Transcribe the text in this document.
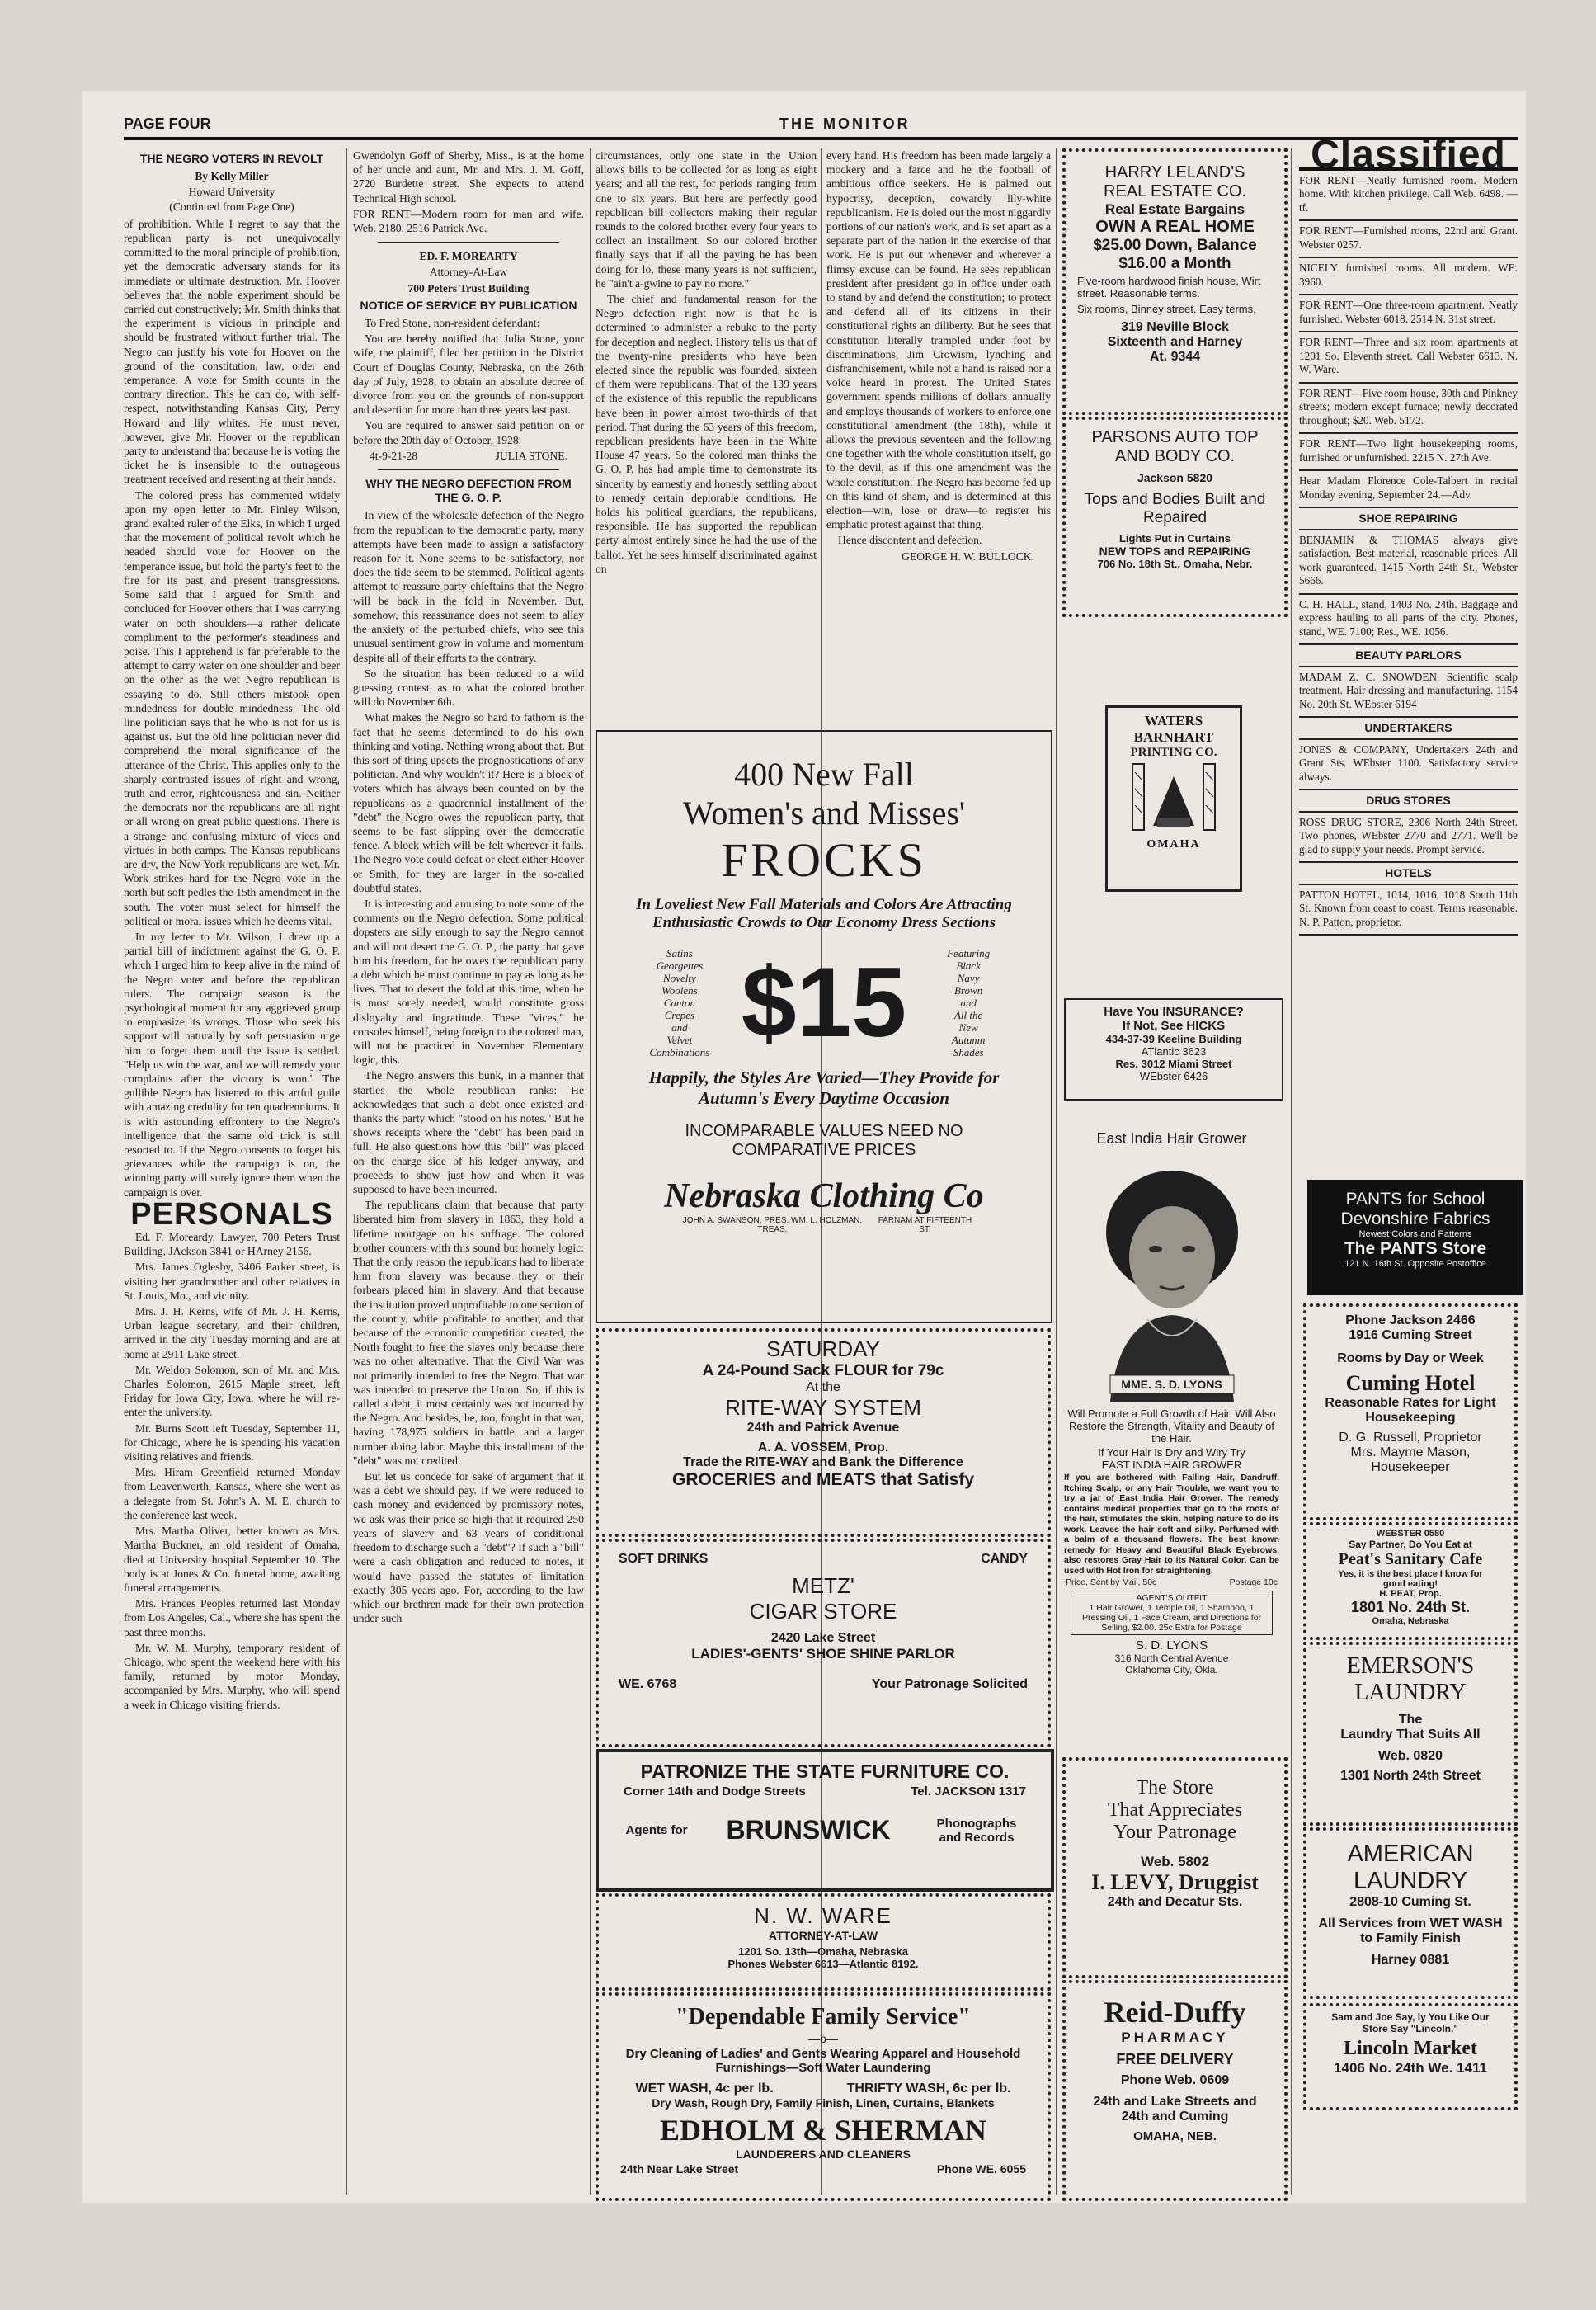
PAGE FOUR	THE MONITOR
THE NEGRO VOTERS IN REVOLT
By Kelly Miller
Howard University
(Continued from Page One)

of prohibition. While I regret to say that the republican party is not unequivocally committed to the moral principle of prohibition, yet the democratic adversary stands for its immediate or ultimate destruction. Mr. Hoover believes that the noble experiment should be carried out constructively; Mr. Smith thinks that the experiment is vicious in principle and should be frustrated without further trial. The Negro can justify his vote for Hoover on the ground of the constitution, law, order and temperance. A vote for Smith counts in the contrary direction. This he can do, with self-respect, notwithstanding Kansas City, Perry Howard and lily whites. He must never, however, give Mr. Hoover or the republican party to understand that because he is voting the ticket he is insensible to the outrageous treatment received and resenting at their hands.

The colored press has commented widely upon my open letter to Mr. Finley Wilson, grand exalted ruler of the Elks, in which I urged that the movement of political revolt which he headed should vote for Hoover on the temperance issue, but hold the party's feet to the fire for its past and present transgressions. Some said that I argued for Smith and concluded for Hoover others that I was carrying water on both shoulders—a rather delicate compliment to the performer's steadiness and poise. This I apprehend is far preferable to the attempt to carry water on one shoulder and beer on the other as the wet Negro republican is essaying to do. Still others mistook open mindedness for double mindedness. The old line politician says that he who is not for us is against us. But the old line politician never did comprehend the moral significance of the utterance of the Christ. This applies only to the sharply contrasted issues of right and wrong, truth and error, righteousness and sin. Neither the democrats nor the republicans are all right or all wrong on great public questions. There is a strange and confusing mixture of vices and virtues in both camps. The Kansas republicans are dry, the New York republicans are wet. Mr. Work strikes hard for the Negro vote in the north but soft pedles the 15th amendment in the south. The voter must select for himself the political or moral issues which he deems vital.

In my letter to Mr. Wilson, I drew up a partial bill of indictment against the G. O. P. which I urged him to keep alive in the mind of the Negro voter and before the republican rulers. The campaign season is the psychological moment for any aggrieved group to emphasize its wrongs. Those who seek his support will naturally by soft persuasion urge him to forget them until the issue is settled. "Help us win the war, and we will remedy your complaints after the victory is won." The gullible Negro has listened to this artful guile with amazing credulity for ten quadrenniums. It is with astounding effrontery to the Negro's intelligence that the same old trick is still resorted to. If the Negro consents to forget his grievances while the campaign is on, the winning party will surely ignore them when the campaign is over.

PERSONALS

Ed. F. Moreardy, Lawyer, 700 Peters Trust Building, JAckson 3841 or HArney 2156.

Mrs. James Oglesby, 3406 Parker street, is visiting her grandmother and other relatives in St. Louis, Mo., and vicinity.

Mrs. J. H. Kerns, wife of Mr. J. H. Kerns, Urban league secretary, and their children, arrived in the city Tuesday morning and are at home at 2911 Lake street.

Mr. Weldon Solomon, son of Mr. and Mrs. Charles Solomon, 2615 Maple street, left Friday for Iowa City, Iowa, where he will re-enter the university.

Mr. Burns Scott left Tuesday, September 11, for Chicago, where he is spending his vacation visiting relatives and friends.

Mrs. Hiram Greenfield returned Monday from Leavenworth, Kansas, where she went as a delegate from St. John's A. M. E. church to the conference last week.

Mrs. Martha Oliver, better known as Mrs. Martha Buckner, an old resident of Omaha, died at University hospital September 10. The body is at Jones & Co. funeral home, awaiting funeral arrangements.

Mrs. Frances Peoples returned last Monday from Los Angeles, Cal., where she has spent the past three months.

Mr. W. M. Murphy, temporary resident of Chicago, who spent the weekend here with his family, returned by motor Monday, accompanied by Mrs. Murphy, who will spend a week in Chicago visiting friends.

Gwendolyn Goff of Sherby, Miss., is at the home of her uncle and aunt, Mr. and Mrs. J. M. Goff, 2720 Burdette street. She expects to attend Technical High school.

FOR RENT—Modern room for man and wife. Web. 2180. 2516 Patrick Ave.

ED. F. MOREARTY
Attorney-At-Law
700 Peters Trust Building
NOTICE OF SERVICE BY PUBLICATION

To Fred Stone, non-resident defendant:

You are hereby notified that Julia Stone, your wife, the plaintiff, filed her petition in the District Court of Douglas County, Nebraska, on the 26th day of July, 1928, to obtain an absolute decree of divorce from you on the grounds of non-support and desertion for more than three years last past.

You are required to answer said petition on or before the 20th day of October, 1928.

4t-9-21-28	JULIA STONE.
WHY THE NEGRO DEFECTION FROM THE G. O. P.

In view of the wholesale defection of the Negro from the republican to the democratic party, many attempts have been made to assign a satisfactory reason for it. None seems to be satisfactory, nor does the tide seem to be stemmed. Political agents attempt to reassure party chieftains that the Negro will be back in the fold in November. But, somehow, this reassurance does not seem to allay the anxiety of the perturbed chiefs, who see this unusual sentiment grow in volume and momentum despite all of their efforts to the contrary.

So the situation has been reduced to a wild guessing contest, as to what the colored brother will do November 6th.

What makes the Negro so hard to fathom is the fact that he seems determined to do his own thinking and voting. Nothing wrong about that. But this sort of thing upsets the prognostications of any politician. And why wouldn't it? Here is a block of voters which has always been counted on by the republicans as a quadrennial installment of the "debt" the Negro owes the republican party, that seems to be fast slipping over the democratic fence. A block which will be felt wherever it falls. The Negro vote could defeat or elect either Hoover or Smith, for they are larger in the so-called doubtful states.

It is interesting and amusing to note some of the comments on the Negro defection. Some political dopsters are silly enough to say the Negro cannot and will not desert the G. O. P., the party that gave him his freedom, for he owes the republican party a debt which he must continue to pay as long as he lives. That to desert the fold at this time, when he is most sorely needed, would constitute gross disloyalty and ingratitude. These "vices," he consoles himself, being foreign to the colored man, will not be practiced in November. Elementary logic, this.

The Negro answers this bunk, in a manner that startles the whole republican ranks: He acknowledges that such a debt once existed and thanks the party which "stood on his notes." But he shows receipts where the "debt" has been paid in full. He also questions how this "bill" was placed on the charge side of his ledger anyway, and proceeds to show just how and when it was supposed to have been incurred.

The republicans claim that because that party liberated him from slavery in 1863, they hold a lifetime mortgage on his suffrage. The colored brother counters with this sound but homely logic: That the only reason the republicans had to liberate him from slavery was because they or their forbears placed him in slavery. And that because the institution proved unprofitable to one section of the country, while profitable to another, and that because of the economic competition created, the North fought to free the slaves only because there was no other alternative. That the Civil War was not primarily intended to free the Negro. That war was intended to preserve the Union. So, if this is called a debt, it most certainly was not incurred by the Negro. And besides, he, too, fought in that war, having 178,975 soldiers in battle, and a larger number doing labor. Maybe this installment of the "debt" was not credited.

But let us concede for sake of argument that it was a debt we should pay. If we were reduced to cash money and evidenced by promissory notes, we ask was their price so high that it required 250 years of slavery and 63 years of conditional freedom to discharge such a "debt"? If such a "bill" were a cash obligation and reduced to notes, it would have passed the statutes of limitation exactly 305 years ago. For, according to the law which our brethren made for their own protection under such

circumstances, only one state in the Union allows bills to be collected for as long as eight years; and all the rest, for periods ranging from one to six years. But here are perfectly good republican bill collectors making their regular rounds to the colored brother every four years to collect an installment. So our colored brother finally says that if all the paying he has been doing for lo, these many years is not sufficient, he "ain't a-gwine to pay no more."

The chief and fundamental reason for the Negro defection right now is that he is determined to administer a rebuke to the party for deception and neglect. History tells us that of the twenty-nine presidents who have been elected since the republic was founded, sixteen of them were republicans. That of the 139 years of the existence of this republic the republicans have been in power almost two-thirds of that period. That during the 63 years of this freedom, republican presidents have been in the White House 47 years. So the colored man thinks the G. O. P. has had ample time to demonstrate its sincerity by earnestly and honestly settling about to remedy certain deplorable conditions. He holds his political guardians, the republicans, responsible. He has supported the republican party almost entirely since he had the use of the ballot. Yet he sees himself discriminated against on

every hand. His freedom has been made largely a mockery and a farce and he the football of ambitious office seekers. He is palmed out hypocrisy, deception, cowardly lily-white republicanism. He is doled out the most niggardly portions of our nation's work, and is set apart as a separate part of the nation in the exercise of that work. He is put out whenever and wherever a flimsy excuse can be found. He sees republican president after president go in office under oath to stand by and defend the constitution; to protect and defend all of its citizens in their constitutional rights an diliberty. But he sees that constitution literally trampled under foot by discriminations, Jim Crowism, lynching and disfranchisement, while not a hand is raised nor a voice heard in protest. The United States government spends millions of dollars annually and employs thousands of workers to enforce one constitutional amendment (the 18th), while it allows the previous seventeen and the following one together with the whole constitution itself, go to the devil, as if this one amendment was the whole constitution. The Negro has become fed up on this kind of sham, and is determined at this election—win, lose or draw—to register his emphatic protest against that thing.

Hence discontent and defection.

GEORGE H. W. BULLOCK.
400 New Fall
Women's and Misses'
FROCKS
In Loveliest New Fall Materials and Colors Are Attracting Enthusiastic Crowds to Our Economy Dress Sections
Satins
Georgettes
Novelty
Woolens
Canton
Crepes
and
Velvet
Combinations $15	Featuring
Black
Navy
Brown
and
All the
New
Autumn
Shades
Happily, the Styles Are Varied—They Provide for Autumn's Every Daytime Occasion
INCOMPARABLE VALUES NEED NO COMPARATIVE PRICES
Nebraska Clothing Co
JOHN A. SWANSON, PRES. WM. L. HOLZMAN, TREAS.
FARNAM AT FIFTEENTH ST.
SATURDAY
A 24-Pound Sack FLOUR for 79c
At the
RITE-WAY SYSTEM
24th and Patrick Avenue
A. A. VOSSEM, Prop.
Trade the RITE-WAY and Bank the Difference
GROCERIES and MEATS that Satisfy
SOFT DRINKS	CANDY
METZ'
CIGAR STORE
2420 Lake Street
LADIES'-GENTS' SHOE SHINE PARLOR
WE. 6768	Your Patronage Solicited
PATRONIZE THE STATE FURNITURE CO.
Corner 14th and Dodge Streets	Tel. JACKSON 1317
Agents for BRUNSWICK	Phonographs and Records
N. W. WARE
ATTORNEY-AT-LAW
1201 So. 13th—Omaha, Nebraska
Phones Webster 6613—Atlantic 8192.
"Dependable Family Service"
—o—
Dry Cleaning of Ladies' and Gents Wearing Apparel and Household Furnishings—Soft Water Laundering
WET WASH, 4c per lb.	THRIFTY WASH, 6c per lb.
Dry Wash, Rough Dry, Family Finish, Linen, Curtains, Blankets
EDHOLM & SHERMAN
LAUNDERERS AND CLEANERS
24th Near Lake Street	Phone WE. 6055
HARRY LELAND'S
REAL ESTATE CO.
Real Estate Bargains
OWN A REAL HOME
$25.00 Down, Balance
$16.00 a Month
Five-room hardwood finish house, Wirt street. Reasonable terms.
Six rooms, Binney street. Easy terms.
319 Neville Block
Sixteenth and Harney
At. 9344
PARSONS AUTO TOP AND BODY CO.
Jackson 5820
Tops and Bodies Built and Repaired
Lights Put in Curtains
NEW TOPS and REPAIRING
706 No. 18th St., Omaha, Nebr.
WATERS
BARNHART
PRINTING CO.
OMAHA
Have You INSURANCE?
If Not, See HICKS
434-37-39 Keeline Building
ATlantic 3623
Res. 3012 Miami Street
WEbster 6426
East India Hair Grower
MME. S. D. LYONS
Will Promote a Full Growth of Hair. Will Also Restore the Strength, Vitality and Beauty of the Hair.
If Your Hair Is Dry and Wiry Try
EAST INDIA HAIR GROWER
If you are bothered with Falling Hair, Dandruff, Itching Scalp, or any Hair Trouble, we want you to try a jar of East India Hair Grower. The remedy contains medical properties that go to the roots of the hair, stimulates the skin, helping nature to do its work. Leaves the hair soft and silky. Perfumed with a balm of a thousand flowers. The best known remedy for Heavy and Beautiful Black Eyebrows, also restores Gray Hair to its Natural Color. Can be used with Hot Iron for straightening.
Price, Sent by Mail, 50c	Postage 10c
AGENT'S OUTFIT
1 Hair Grower, 1 Temple Oil, 1 Shampoo, 1 Pressing Oil, 1 Face Cream, and Directions for Selling, $2.00. 25c Extra for Postage
S. D. LYONS
316 North Central Avenue
Oklahoma City, Okla.
The Store
That Appreciates
Your Patronage
Web. 5802
I. LEVY, Druggist
24th and Decatur Sts.
Reid-Duffy
PHARMACY
FREE DELIVERY
Phone Web. 0609
24th and Lake Streets and 24th and Cuming
OMAHA, NEB.
Classified
FOR RENT—Neatly furnished room. Modern home. With kitchen privilege. Call Web. 6498. —tf.
FOR RENT—Furnished rooms, 22nd and Grant. Webster 0257.
NICELY furnished rooms. All modern. WE. 3960.
FOR RENT—One three-room apartment. Neatly furnished. Webster 6018. 2514 N. 31st street.
FOR RENT—Three and six room apartments at 1201 So. Eleventh street. Call Webster 6613. N. W. Ware.
FOR RENT—Five room house, 30th and Pinkney streets; modern except furnace; newly decorated throughout; $20. Web. 5172.
FOR RENT—Two light housekeeping rooms, furnished or unfurnished. 2215 N. 27th Ave.
Hear Madam Florence Cole-Talbert in recital Monday evening, September 24.—Adv.
SHOE REPAIRING
BENJAMIN & THOMAS always give satisfaction. Best material, reasonable prices. All work guaranteed. 1415 North 24th St., Webster 5666.
C. H. HALL, stand, 1403 No. 24th. Baggage and express hauling to all parts of the city. Phones, stand, WE. 7100; Res., WE. 1056.
BEAUTY PARLORS
MADAM Z. C. SNOWDEN. Scientific scalp treatment. Hair dressing and manufacturing. 1154 No. 20th St. WEbster 6194
UNDERTAKERS
JONES & COMPANY, Undertakers 24th and Grant Sts. WEbster 1100. Satisfactory service always.
DRUG STORES
ROSS DRUG STORE, 2306 North 24th Street. Two phones, WEbster 2770 and 2771. We'll be glad to supply your needs. Prompt service.
HOTELS
PATTON HOTEL, 1014, 1016, 1018 South 11th St. Known from coast to coast. Terms reasonable. N. P. Patton, proprietor.
PANTS for School
Devonshire Fabrics
Newest Colors and Patterns
The PANTS Store
121 N. 16th St. Opposite Postoffice
Phone Jackson 2466
1916 Cuming Street
Rooms by Day or Week
Cuming Hotel
Reasonable Rates for Light Housekeeping
D. G. Russell, Proprietor
Mrs. Mayme Mason, Housekeeper
WEBSTER 0580
Say Partner, Do You Eat at
Peat's Sanitary Cafe
Yes, it is the best place I know for good eating!
H. PEAT, Prop.
1801 No. 24th St.
Omaha, Nebraska
EMERSON'S
LAUNDRY
The
Laundry That Suits All
Web. 0820
1301 North 24th Street
AMERICAN
LAUNDRY
2808-10 Cuming St.
All Services from WET WASH to Family Finish
Harney 0881
Sam and Joe Say, ly You Like Our Store Say "Lincoln."
Lincoln Market
1406 No. 24th We. 1411
